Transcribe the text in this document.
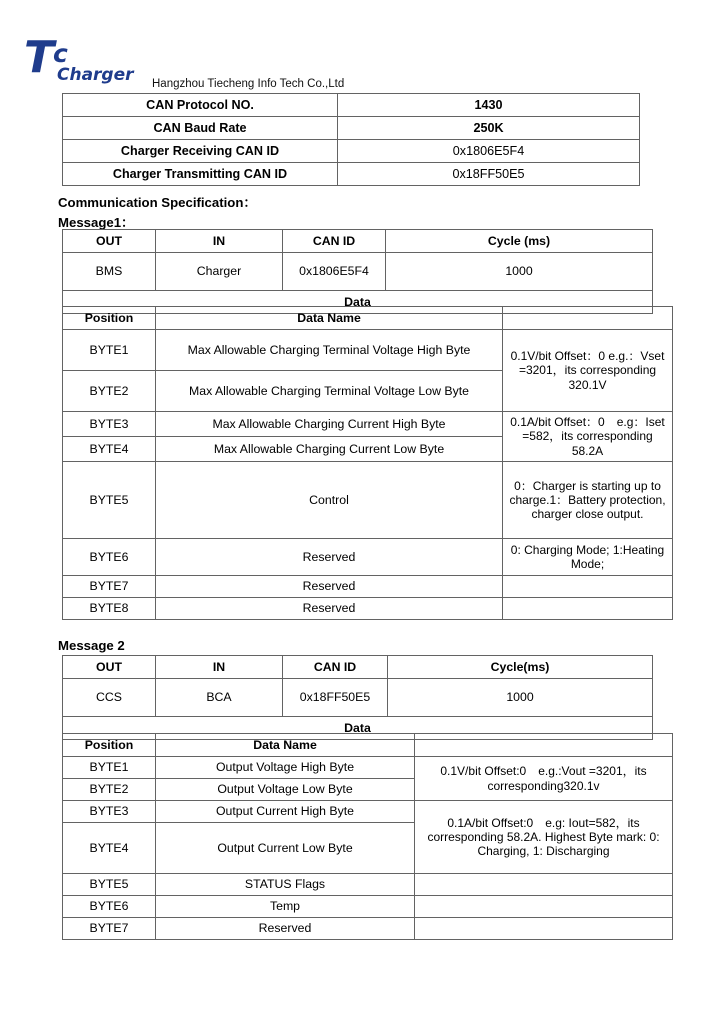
$T^c$
Charger Hangzhou Tiecheng Info Tech Co.,Ltd
CAN Protocol NO.	1430
CAN Baud Rate	250K
Charger Receiving CAN ID	0x1806E5F4
Charger Transmitting CAN ID	0x18FF50E5
Communication Specification：
Message1：
OUT	IN	CAN ID	Cycle (ms)
BMS	Charger	0x1806E5F4	1000
Data			
Position	Data Name	
BYTE1	Max Allowable Charging Terminal Voltage High Byte	0.1V/bit Offset：0 e.g.：Vset =3201，its corresponding 320.1V
BYTE2	Max Allowable Charging Terminal Voltage Low Byte	
BYTE3	Max Allowable Charging Current High Byte	0.1A/bit Offset：0　e.g：Iset =582，its corresponding 58.2A
BYTE4	Max Allowable Charging Current Low Byte	
BYTE5	Control	0：Charger is starting up to charge.1：Battery protection, charger close output.
BYTE6	Reserved	0: Charging Mode; 1:Heating Mode;
BYTE7	Reserved	
BYTE8	Reserved	
Message 2
OUT	IN	CAN ID	Cycle(ms)
CCS	BCA	0x18FF50E5	1000
Data			
Position	Data Name	
BYTE1	Output Voltage High Byte	0.1V/bit Offset:0　e.g.:Vout =3201，its corresponding320.1v
BYTE2	Output Voltage Low Byte	
BYTE3	Output Current High Byte	0.1A/bit Offset:0　e.g: Iout=582，its corresponding 58.2A. Highest Byte mark: 0: Charging, 1: Discharging
BYTE4	Output Current Low Byte	
BYTE5	STATUS Flags	
BYTE6	Temp	
BYTE7	Reserved	
